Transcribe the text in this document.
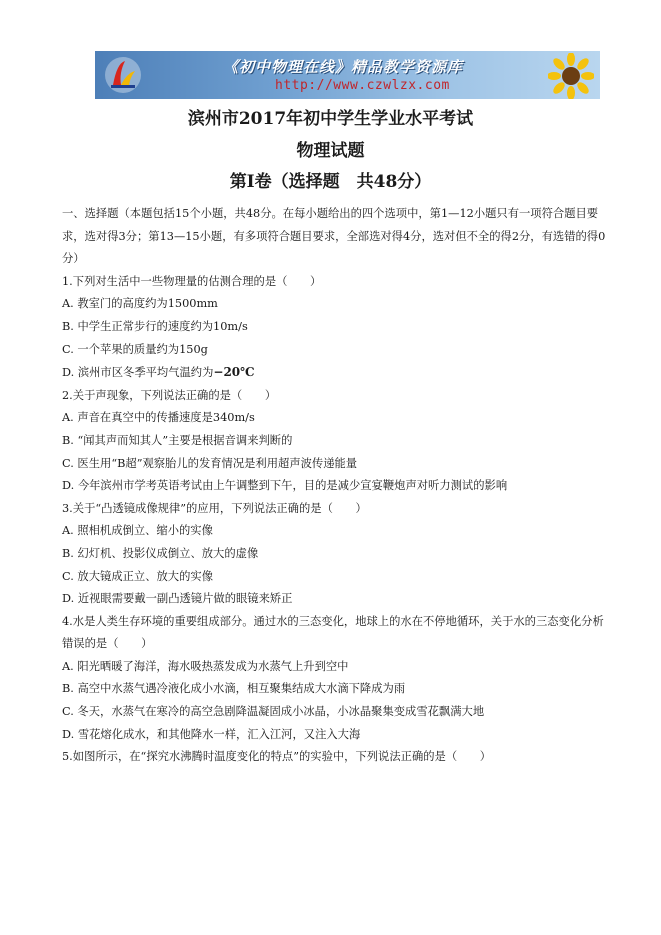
《初中物理在线》精品教学资源库
http://www.czwlzx.com
滨州市2017年初中学生学业水平考试
物理试题
第Ⅰ卷（选择题　共48分）

一、选择题（本题包括15个小题，共48分。在每小题给出的四个选项中，第1—12小题只有一项符合题目要求，选对得3分；第13—15小题，有多项符合题目要求，全部选对得4分，选对但不全的得2分，有选错的得0分）

1.下列对生活中一些物理量的估测合理的是（　　）

A. 教室门的高度约为1500mm

B. 中学生正常步行的速度约为10m/s

C. 一个苹果的质量约为150g

D. 滨州市区冬季平均气温约为−20℃

2.关于声现象，下列说法正确的是（　　）

A. 声音在真空中的传播速度是340m/s

B. “闻其声而知其人”主要是根据音调来判断的

C. 医生用“B超”观察胎儿的发育情况是利用超声波传递能量

D. 今年滨州市学考英语考试由上午调整到下午，目的是减少宣宴鞭炮声对听力测试的影响

3.关于“凸透镜成像规律”的应用，下列说法正确的是（　　）

A. 照相机成倒立、缩小的实像

B. 幻灯机、投影仪成倒立、放大的虚像

C. 放大镜成正立、放大的实像

D. 近视眼需要戴一副凸透镜片做的眼镜来矫正

4.水是人类生存环境的重要组成部分。通过水的三态变化，地球上的水在不停地循环，关于水的三态变化分析错误的是（　　）

A. 阳光晒暖了海洋，海水吸热蒸发成为水蒸气上升到空中

B. 高空中水蒸气遇冷液化成小水滴，相互聚集结成大水滴下降成为雨

C. 冬天，水蒸气在寒冷的高空急剧降温凝固成小冰晶，小冰晶聚集变成雪花飘满大地

D. 雪花熔化成水，和其他降水一样，汇入江河，又注入大海

5.如图所示，在“探究水沸腾时温度变化的特点”的实验中，下列说法正确的是（　　）
